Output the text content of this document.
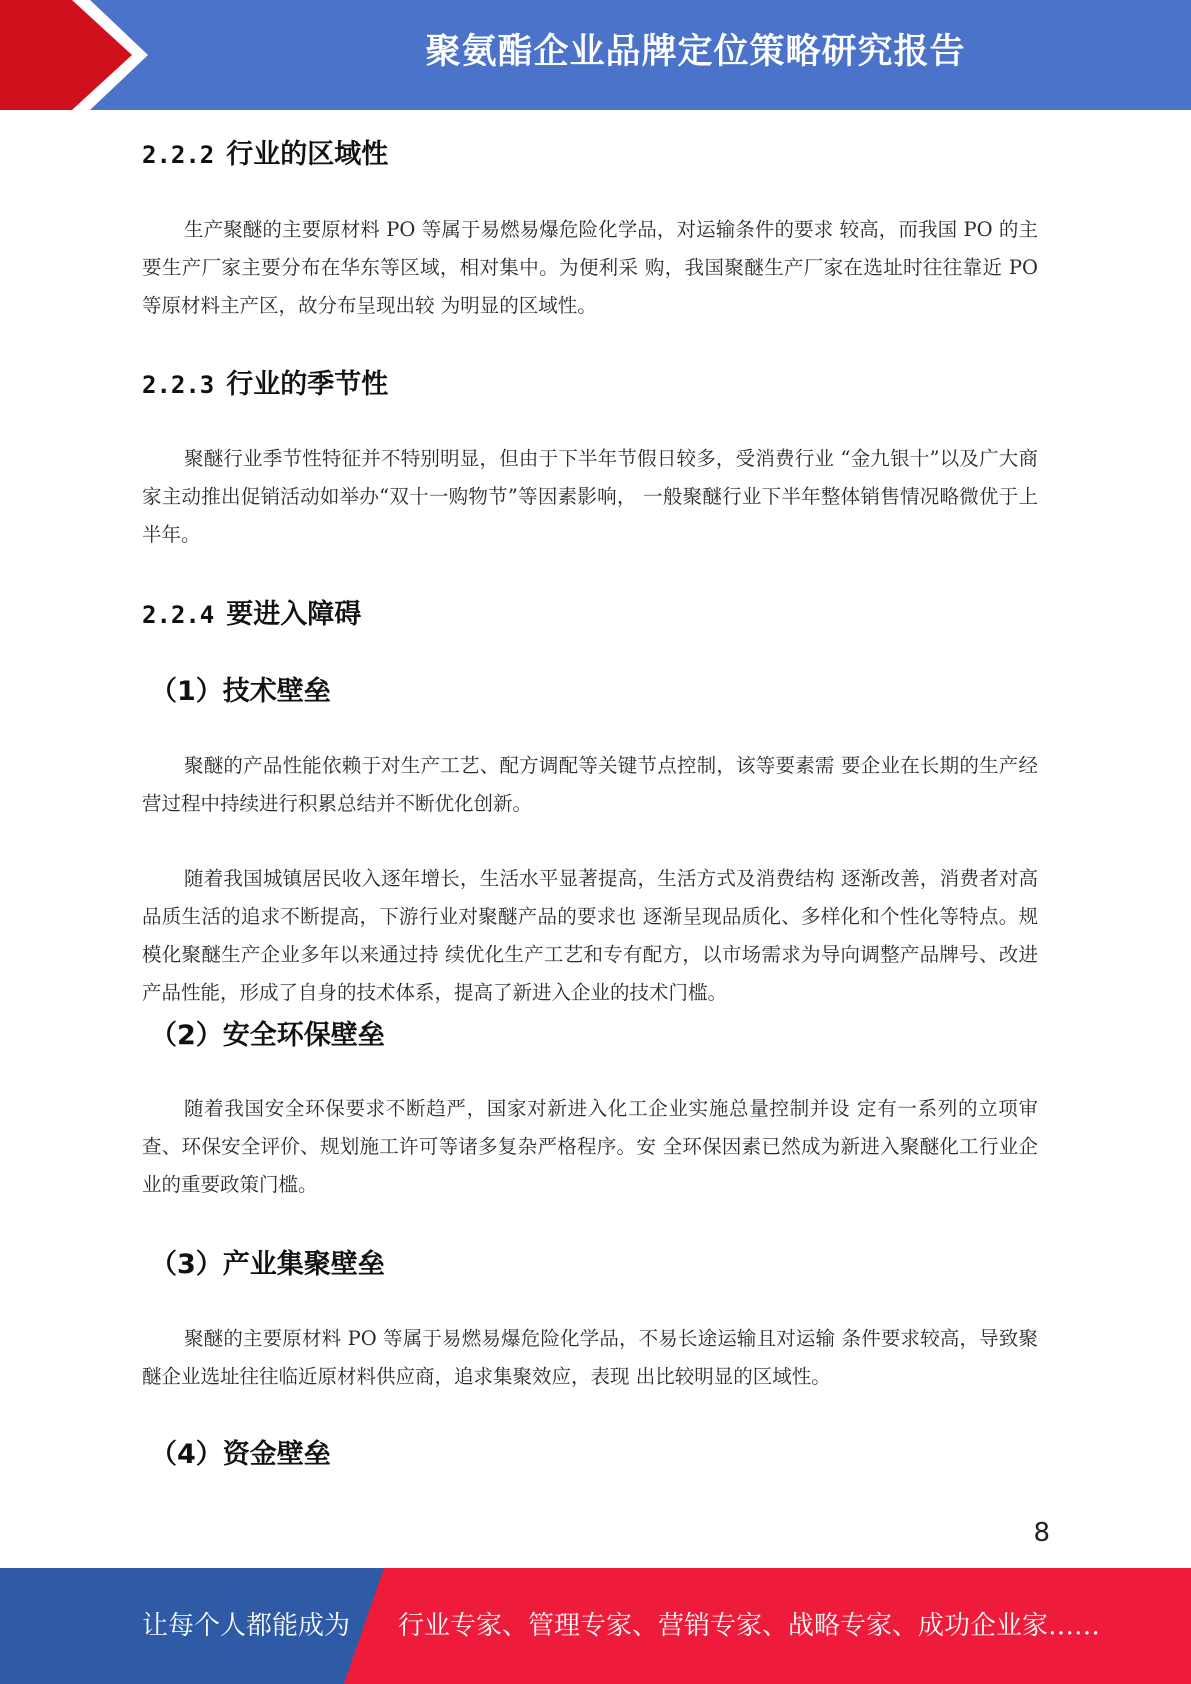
聚氨酯企业品牌定位策略研究报告
2.2.2 行业的区域性

生产聚醚的主要原材料 PO 等属于易燃易爆危险化学品，对运输条件的要求 较高，而我国 PO 的主要生产厂家主要分布在华东等区域，相对集中。为便利采 购，我国聚醚生产厂家在选址时往往靠近 PO 等原材料主产区，故分布呈现出较 为明显的区域性。

2.2.3 行业的季节性

聚醚行业季节性特征并不特别明显，但由于下半年节假日较多，受消费行业 “金九银十”以及广大商家主动推出促销活动如举办“双十一购物节”等因素影响， 一般聚醚行业下半年整体销售情况略微优于上半年。

2.2.4 要进入障碍
（1）技术壁垒

聚醚的产品性能依赖于对生产工艺、配方调配等关键节点控制，该等要素需 要企业在长期的生产经营过程中持续进行积累总结并不断优化创新。

随着我国城镇居民收入逐年增长，生活水平显著提高，生活方式及消费结构 逐渐改善，消费者对高品质生活的追求不断提高，下游行业对聚醚产品的要求也 逐渐呈现品质化、多样化和个性化等特点。规模化聚醚生产企业多年以来通过持 续优化生产工艺和专有配方，以市场需求为导向调整产品牌号、改进产品性能，形成了自身的技术体系，提高了新进入企业的技术门槛。

（2）安全环保壁垒

随着我国安全环保要求不断趋严，国家对新进入化工企业实施总量控制并设 定有一系列的立项审查、环保安全评价、规划施工许可等诸多复杂严格程序。安 全环保因素已然成为新进入聚醚化工行业企业的重要政策门槛。

（3）产业集聚壁垒

聚醚的主要原材料 PO 等属于易燃易爆危险化学品，不易长途运输且对运输 条件要求较高，导致聚醚企业选址往往临近原材料供应商，追求集聚效应，表现 出比较明显的区域性。

（4）资金壁垒
8
让每个人都能成为 行业专家、管理专家、营销专家、战略专家、成功企业家……
